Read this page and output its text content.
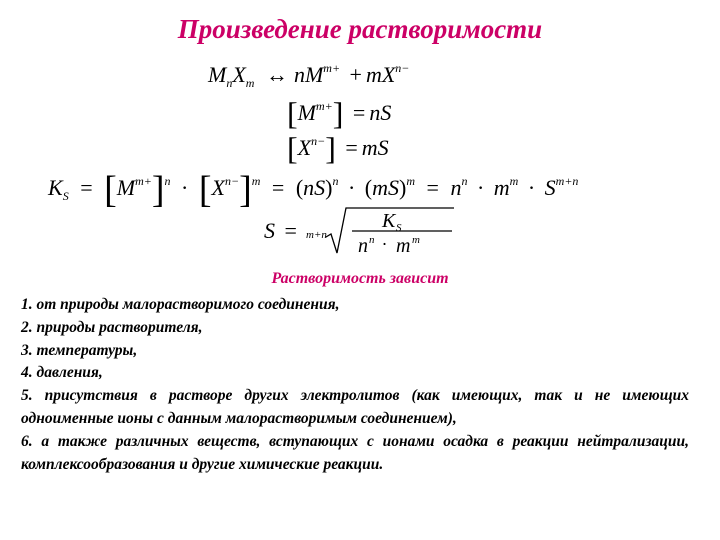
Произведение растворимости
$M_nX_m$ ↔ $nM^{m+} + mX^{n-}$
$[M^{m+}]$ = nS
$[X^{n-}]$ = mS
$K_S = [M^{m+}]^n \cdot [X^{n-}]^m = (nS)^n \cdot (mS)^m = n^n \cdot m^m \cdot S^{m+n}$
S = m+n
K S
n n · m m
Растворимость зависит
1. от природы малорастворимого соединения,
2. природы растворителя,
3. температуры,
4. давления,
5. присутствия в растворе других электролитов (как имеющих, так и не имеющих одноименные ионы с данным малорастворимым соединением),
6. а также различных веществ, вступающих с ионами осадка в реакции нейтрализации, комплексообразования и другие химические реакции.
